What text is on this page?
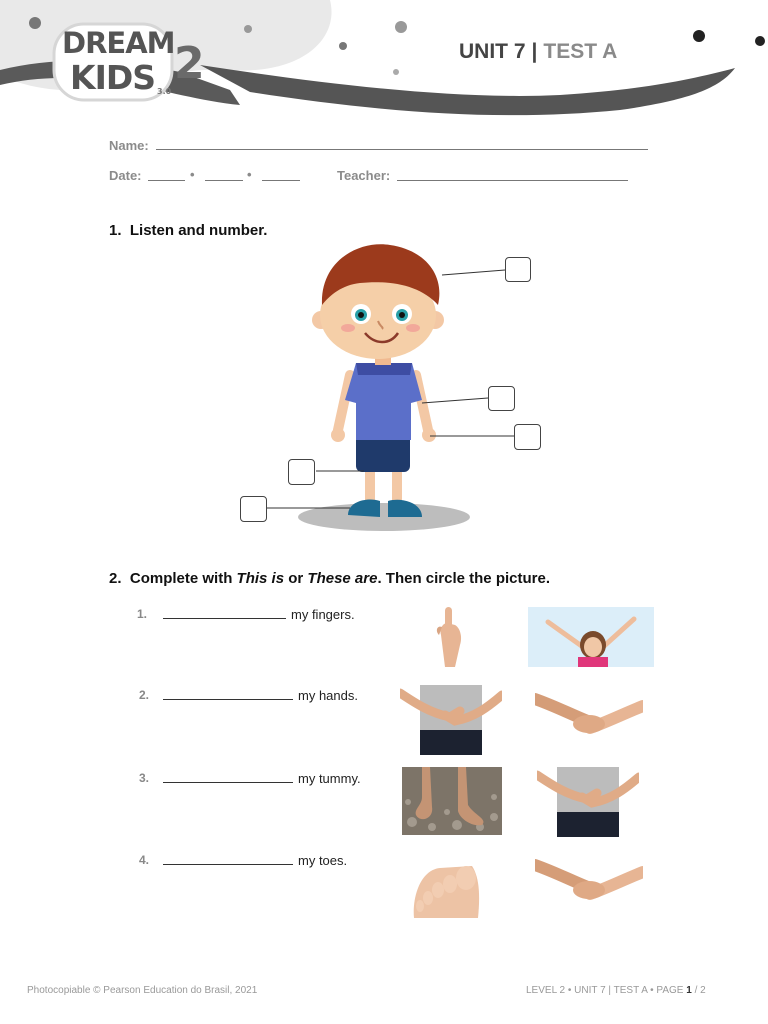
DREAM
KIDS 2
3.0
UNIT 7 | TEST A
Name:
Date:	•	•	Teacher:
1. Listen and number.
2. Complete with This is or These are. Then circle the picture.
1.	my fingers.
2.	my hands.
3.	my tummy.
4.	my toes.
Photocopiable © Pearson Education do Brasil, 2021	LEVEL 2 • UNIT 7 | TEST A • PAGE 1 / 2
